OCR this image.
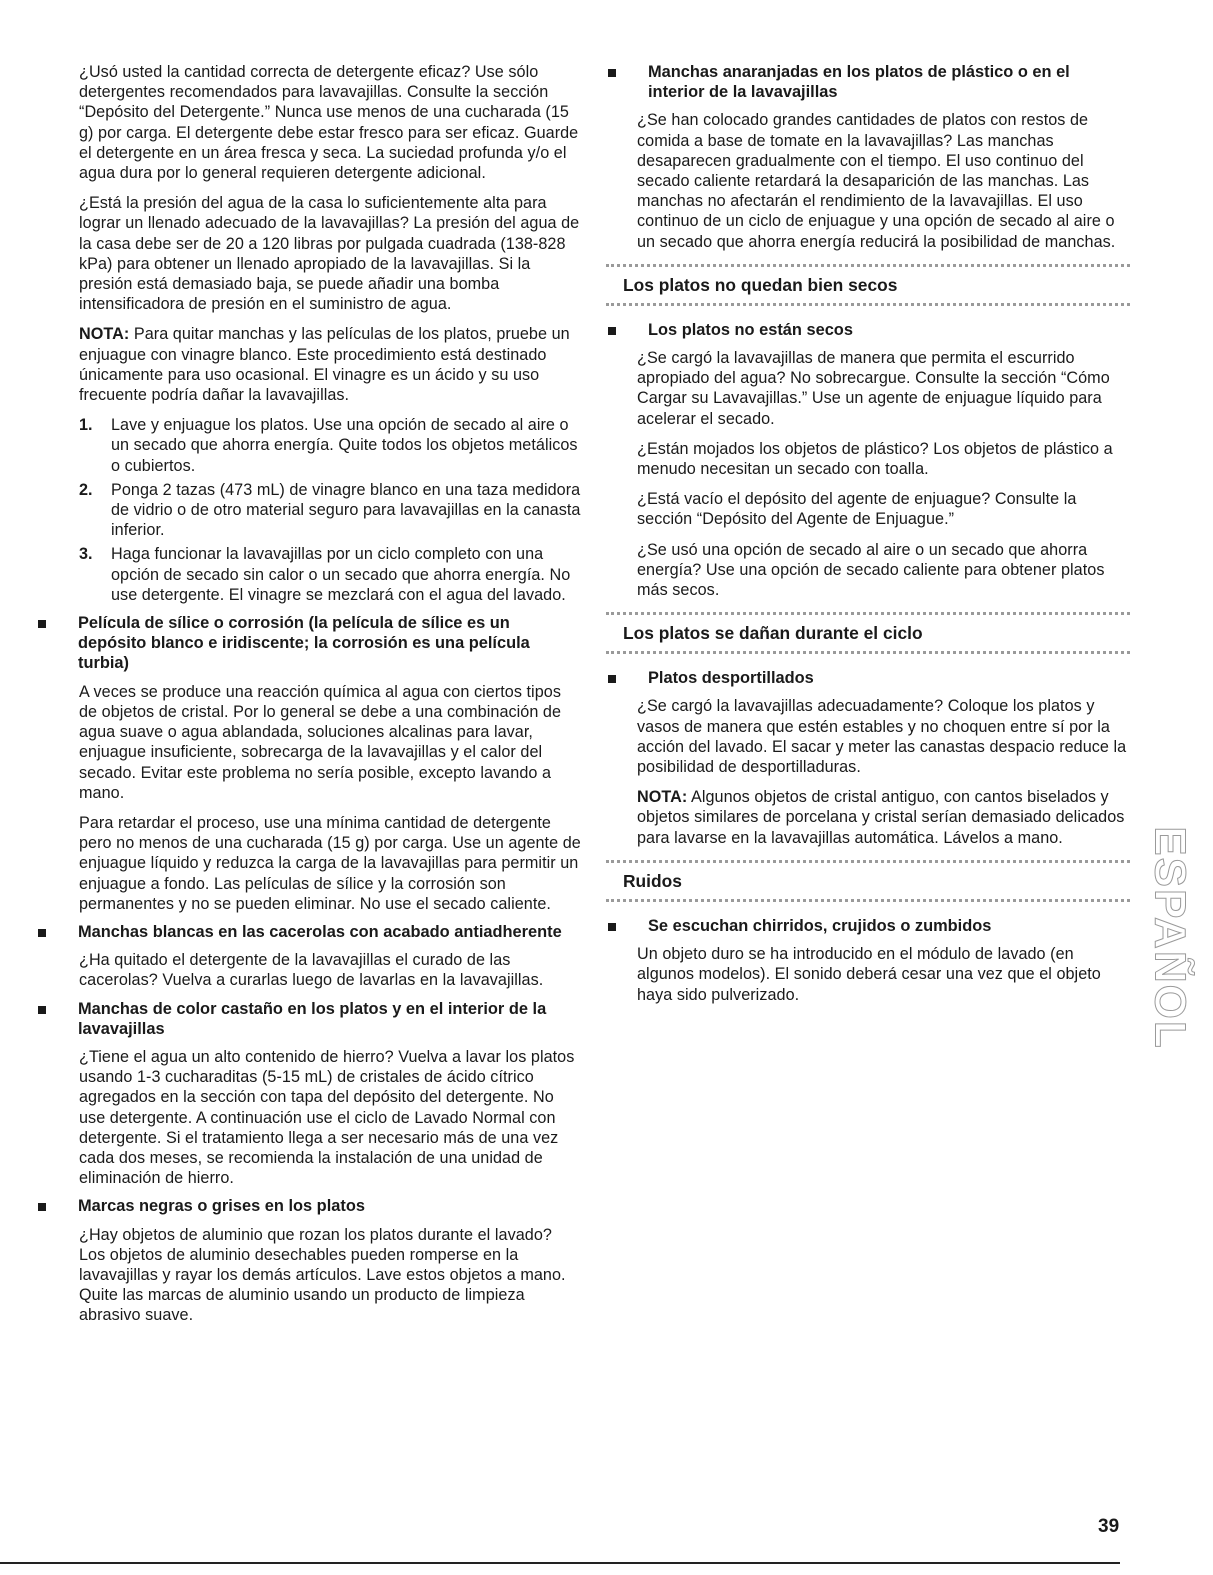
¿Usó usted la cantidad correcta de detergente eficaz? Use sólo detergentes recomendados para lavavajillas. Consulte la sección “Depósito del Detergente.” Nunca use menos de una cucharada (15 g) por carga. El detergente debe estar fresco para ser eficaz. Guarde el detergente en un área fresca y seca. La suciedad profunda y/o el agua dura por lo general requieren detergente adicional.

¿Está la presión del agua de la casa lo suficientemente alta para lograr un llenado adecuado de la lavavajillas? La presión del agua de la casa debe ser de 20 a 120 libras por pulgada cuadrada (138-828 kPa) para obtener un llenado apropiado de la lavavajillas. Si la presión está demasiado baja, se puede añadir una bomba intensificadora de presión en el suministro de agua.

NOTA: Para quitar manchas y las películas de los platos, pruebe un enjuague con vinagre blanco. Este procedimiento está destinado únicamente para uso ocasional. El vinagre es un ácido y su uso frecuente podría dañar la lavavajillas.

1.	Lave y enjuague los platos. Use una opción de secado al aire o un secado que ahorra energía. Quite todos los objetos metálicos o cubiertos.
2.	Ponga 2 tazas (473 mL) de vinagre blanco en una taza medidora de vidrio o de otro material seguro para lavavajillas en la canasta inferior.
3.	Haga funcionar la lavavajillas por un ciclo completo con una opción de secado sin calor o un secado que ahorra energía. No use detergente. El vinagre se mezclará con el agua del lavado.
Película de sílice o corrosión (la película de sílice es un depósito blanco e iridiscente; la corrosión es una película turbia)

A veces se produce una reacción química al agua con ciertos tipos de objetos de cristal. Por lo general se debe a una combinación de agua suave o agua ablandada, soluciones alcalinas para lavar, enjuague insuficiente, sobrecarga de la lavavajillas y el calor del secado. Evitar este problema no sería posible, excepto lavando a mano.

Para retardar el proceso, use una mínima cantidad de detergente pero no menos de una cucharada (15 g) por carga. Use un agente de enjuague líquido y reduzca la carga de la lavavajillas para permitir un enjuague a fondo. Las películas de sílice y la corrosión son permanentes y no se pueden eliminar. No use el secado caliente.

Manchas blancas en las cacerolas con acabado antiadherente

¿Ha quitado el detergente de la lavavajillas el curado de las cacerolas? Vuelva a curarlas luego de lavarlas en la lavavajillas.

Manchas de color castaño en los platos y en el interior de la lavavajillas

¿Tiene el agua un alto contenido de hierro? Vuelva a lavar los platos usando 1-3 cucharaditas (5-15 mL) de cristales de ácido cítrico agregados en la sección con tapa del depósito del detergente. No use detergente. A continuación use el ciclo de Lavado Normal con detergente. Si el tratamiento llega a ser necesario más de una vez cada dos meses, se recomienda la instalación de una unidad de eliminación de hierro.

Marcas negras o grises en los platos

¿Hay objetos de aluminio que rozan los platos durante el lavado? Los objetos de aluminio desechables pueden romperse en la lavavajillas y rayar los demás artículos. Lave estos objetos a mano. Quite las marcas de aluminio usando un producto de limpieza abrasivo suave.

Manchas anaranjadas en los platos de plástico o en el interior de la lavavajillas

¿Se han colocado grandes cantidades de platos con restos de comida a base de tomate en la lavavajillas? Las manchas desaparecen gradualmente con el tiempo. El uso continuo del secado caliente retardará la desaparición de las manchas. Las manchas no afectarán el rendimiento de la lavavajillas. El uso continuo de un ciclo de enjuague y una opción de secado al aire o un secado que ahorra energía reducirá la posibilidad de manchas.

Los platos no quedan bien secos
Los platos no están secos

¿Se cargó la lavavajillas de manera que permita el escurrido apropiado del agua? No sobrecargue. Consulte la sección “Cómo Cargar su Lavavajillas.” Use un agente de enjuague líquido para acelerar el secado.

¿Están mojados los objetos de plástico? Los objetos de plástico a menudo necesitan un secado con toalla.

¿Está vacío el depósito del agente de enjuague? Consulte la sección “Depósito del Agente de Enjuague.”

¿Se usó una opción de secado al aire o un secado que ahorra energía? Use una opción de secado caliente para obtener platos más secos.

Los platos se dañan durante el ciclo
Platos desportillados

¿Se cargó la lavavajillas adecuadamente? Coloque los platos y vasos de manera que estén estables y no choquen entre sí por la acción del lavado. El sacar y meter las canastas despacio reduce la posibilidad de desportilladuras.

NOTA: Algunos objetos de cristal antiguo, con cantos biselados y objetos similares de porcelana y cristal serían demasiado delicados para lavarse en la lavavajillas automática. Lávelos a mano.

Ruidos
Se escuchan chirridos, crujidos o zumbidos

Un objeto duro se ha introducido en el módulo de lavado (en algunos modelos). El sonido deberá cesar una vez que el objeto haya sido pulverizado.	ESPAÑOL
39
